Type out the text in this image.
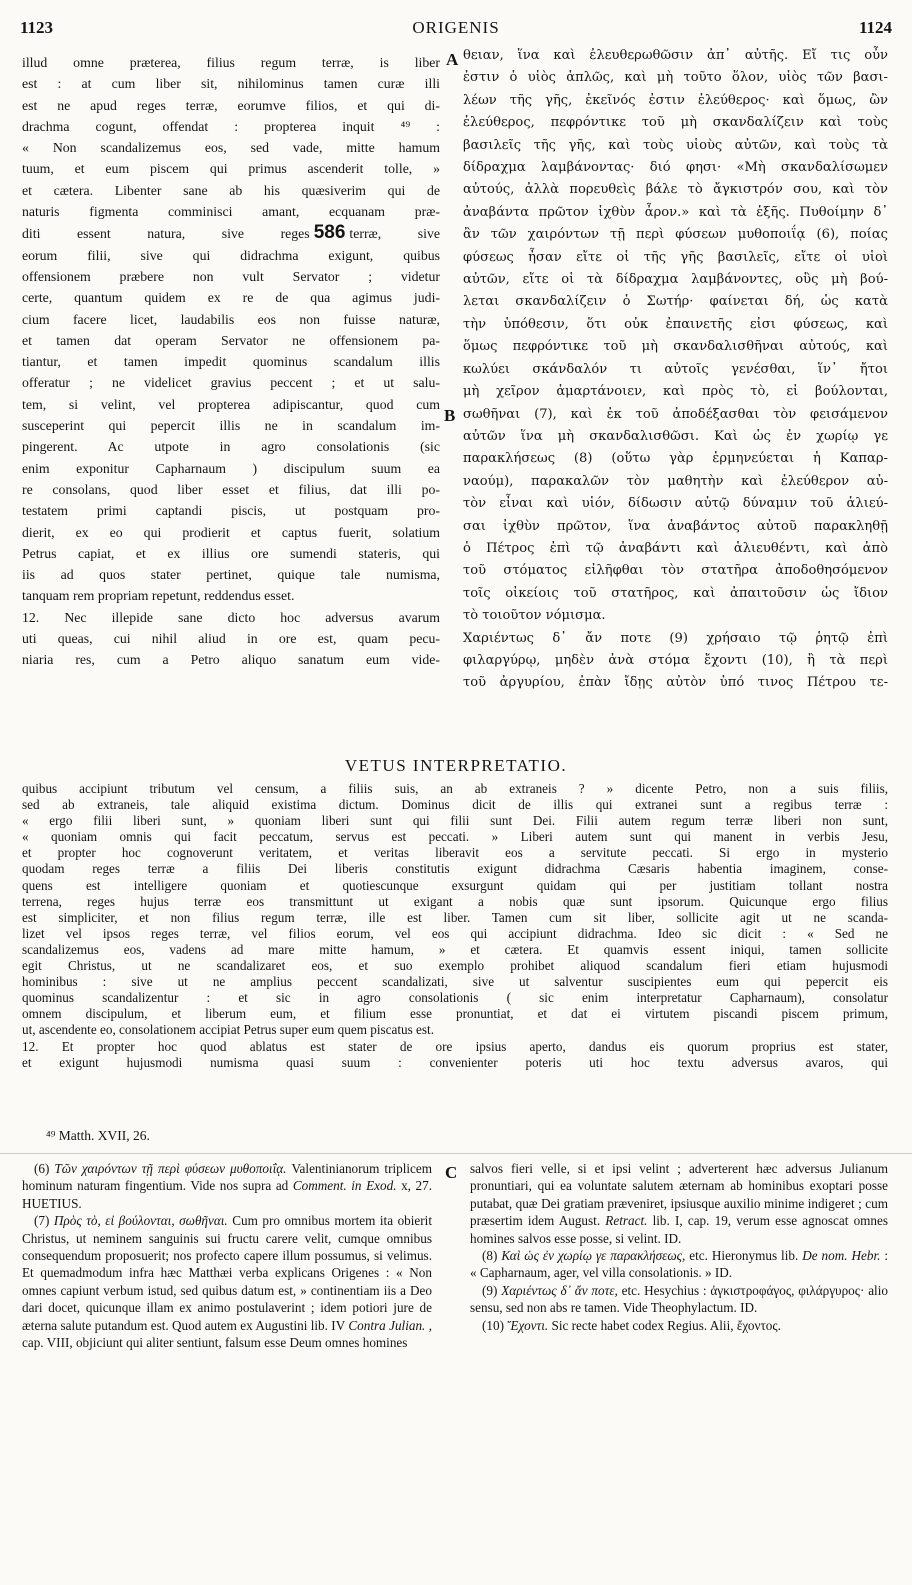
1123	ORIGENIS	1124
A
B
C
illud omne præterea, filius regum terræ, is liber
est : at cum liber sit, nihilominus tamen curæ illi
est ne apud reges terræ, eorumve filios, et qui di-
drachma cogunt, offendat : propterea inquit ⁴⁹ :
« Non scandalizemus eos, sed vade, mitte hamum
tuum, et eum piscem qui primus ascenderit tolle, »
et cætera. Libenter sane ab his quæsiverim qui de
naturis figmenta comminisci amant, ecquanam præ-
diti essent natura, sive reges 586 terræ, sive
eorum filii, sive qui didrachma exigunt, quibus
offensionem præbere non vult Servator ; videtur
certe, quantum quidem ex re de qua agimus judi-
cium facere licet, laudabilis eos non fuisse naturæ,
et tamen dat operam Servator ne offensionem pa-
tiantur, et tamen impedit quominus scandalum illis
offeratur ; ne videlicet gravius peccent ; et ut salu-
tem, si velint, vel propterea adipiscantur, quod cum
susceperint qui pepercit illis ne in scandalum im-
pingerent. Ac utpote in agro consolationis (sic
enim exponitur Capharnaum ) discipulum suum ea
re consolans, quod liber esset et filius, dat illi po-
testatem primi captandi piscis, ut postquam pro-
dierit, ex eo qui prodierit et captus fuerit, solatium
Petrus capiat, et ex illius ore sumendi stateris, qui
iis ad quos stater pertinet, quique tale numisma,
tanquam rem propriam repetunt, reddendus esset.
12. Nec illepide sane dicto hoc adversus avarum
uti queas, cui nihil aliud in ore est, quam pecu-
niaria res, cum a Petro aliquo sanatum eum vide-
θειαν, ἵνα καὶ ἐλευθερωθῶσιν ἀπ᾽ αὐτῆς. Εἴ τις οὖν
ἐστιν ὁ υἱὸς ἁπλῶς, καὶ μὴ τοῦτο ὅλον, υἱὸς τῶν βασι-
λέων τῆς γῆς, ἐκεῖνός ἐστιν ἐλεύθερος· καὶ ὅμως, ὢν
ἐλεύθερος, πεφρόντικε τοῦ μὴ σκανδαλίζειν καὶ τοὺς
βασιλεῖς τῆς γῆς, καὶ τοὺς υἱοὺς αὐτῶν, καὶ τοὺς τὰ
δίδραχμα λαμβάνοντας· διό φησι· «Μὴ σκανδαλίσωμεν
αὐτούς, ἀλλὰ πορευθεὶς βάλε τὸ ἄγκιστρόν σου, καὶ τὸν
ἀναβάντα πρῶτον ἰχθὺν ἆρον.» καὶ τὰ ἑξῆς. Πυθοίμην δ᾽
ἂν τῶν χαιρόντων τῇ περὶ φύσεων μυθοποιΐᾳ (6), ποίας
φύσεως ἦσαν εἴτε οἱ τῆς γῆς βασιλεῖς, εἴτε οἱ υἱοὶ
αὐτῶν, εἴτε οἱ τὰ δίδραχμα λαμβάνοντες, οὓς μὴ βού-
λεται σκανδαλίζειν ὁ Σωτήρ· φαίνεται δή, ὡς κατὰ
τὴν ὑπόθεσιν, ὅτι οὐκ ἐπαινετῆς εἰσι φύσεως, καὶ
ὅμως πεφρόντικε τοῦ μὴ σκανδαλισθῆναι αὐτούς, καὶ
κωλύει σκάνδαλόν τι αὐτοῖς γενέσθαι, ἵν᾽ ἤτοι
μὴ χεῖρον ἁμαρτάνοιεν, καὶ πρὸς τὸ, εἰ βούλονται,
σωθῆναι (7), καὶ ἐκ τοῦ ἀποδέξασθαι τὸν φεισάμενον
αὐτῶν ἵνα μὴ σκανδαλισθῶσι. Καὶ ὡς ἐν χωρίῳ γε
παρακλήσεως (8) (οὕτω γὰρ ἑρμηνεύεται ἡ Καπαρ-
ναούμ), παρακαλῶν τὸν μαθητὴν καὶ ἐλεύθερον αὐ-
τὸν εἶναι καὶ υἱόν, δίδωσιν αὐτῷ δύναμιν τοῦ ἁλιεύ-
σαι ἰχθὺν πρῶτον, ἵνα ἀναβάντος αὐτοῦ παρακληθῇ
ὁ Πέτρος ἐπὶ τῷ ἀναβάντι καὶ ἁλιευθέντι, καὶ ἀπὸ
τοῦ στόματος εἰλῆφθαι τὸν στατῆρα ἀποδοθησόμενον
τοῖς οἰκείοις τοῦ στατῆρος, καὶ ἀπαιτοῦσιν ὡς ἴδιον
τὸ τοιοῦτον νόμισμα.
Χαριέντως δ᾽ ἄν ποτε (9) χρήσαιο τῷ ῥητῷ ἐπὶ
φιλαργύρῳ, μηδὲν ἀνὰ στόμα ἔχοντι (10), ἢ τὰ περὶ
τοῦ ἀργυρίου, ἐπὰν ἴδῃς αὐτὸν ὑπό τινος Πέτρου τε-
VETUS INTERPRETATIO.
quibus accipiunt tributum vel censum, a filiis suis, an ab extraneis ? » dicente Petro, non a suis filiis,
sed ab extraneis, tale aliquid existima dictum. Dominus dicit de illis qui extranei sunt a regibus terræ :
« ergo filii liberi sunt, » quoniam liberi sunt qui filii sunt Dei. Filii autem regum terræ liberi non sunt,
« quoniam omnis qui facit peccatum, servus est peccati. » Liberi autem sunt qui manent in verbis Jesu,
et propter hoc cognoverunt veritatem, et veritas liberavit eos a servitute peccati. Si ergo in mysterio
quodam reges terræ a filiis Dei liberis constitutis exigunt didrachma Cæsaris habentia imaginem, conse-
quens est intelligere quoniam et quotiescunque exsurgunt quidam qui per justitiam tollant nostra
terrena, reges hujus terræ eos transmittunt ut exigant a nobis quæ sunt ipsorum. Quicunque ergo filius
est simpliciter, et non filius regum terræ, ille est liber. Tamen cum sit liber, sollicite agit ut ne scanda-
lizet vel ipsos reges terræ, vel filios eorum, vel eos qui accipiunt didrachma. Ideo sic dicit : « Sed ne
scandalizemus eos, vadens ad mare mitte hamum, » et cætera. Et quamvis essent iniqui, tamen sollicite
egit Christus, ut ne scandalizaret eos, et suo exemplo prohibet aliquod scandalum fieri etiam hujusmodi
hominibus : sive ut ne amplius peccent scandalizati, sive ut salventur suscipientes eum qui pepercit eis
quominus scandalizentur : et sic in agro consolationis ( sic enim interpretatur Capharnaum), consolatur
omnem discipulum, et liberum eum, et filium esse pronuntiat, et dat ei virtutem piscandi piscem primum,
ut, ascendente eo, consolationem accipiat Petrus super eum quem piscatus est.
12. Et propter hoc quod ablatus est stater de ore ipsius aperto, dandus eis quorum proprius est stater,
et exigunt hujusmodi numisma quasi suum : convenienter poteris uti hoc textu adversus avaros, qui
⁴⁹ Matth. XVII, 26.
(6) Τῶν χαιρόντων τῇ περὶ φύσεων μυθοποιΐᾳ. Valentinianorum triplicem hominum naturam fingentium. Vide nos supra ad Comment. in Exod. x, 27. HUETIUS.
(7) Πρὸς τὸ, εἰ βούλονται, σωθῆναι. Cum pro omnibus mortem ita obierit Christus, ut neminem sanguinis sui fructu carere velit, cumque omnibus consequendum proposuerit; nos profecto capere illum possumus, si velimus. Et quemadmodum infra hæc Matthæi verba explicans Origenes : « Non omnes capiunt verbum istud, sed quibus datum est, » continentiam iis a Deo dari docet, quicunque illam ex animo postulaverint ; idem potiori jure de æterna salute putandum est. Quod autem ex Augustini lib. IV Contra Julian. , cap. VIII, objiciunt qui aliter sentiunt, falsum esse Deum omnes homines
salvos fieri velle, si et ipsi velint ; adverterent hæc adversus Julianum pronuntiari, qui ea voluntate salutem æternam ab hominibus exoptari posse putabat, quæ Dei gratiam præveniret, ipsiusque auxilio minime indigeret ; cum præsertim idem August. Retract. lib. I, cap. 19, verum esse agnoscat omnes homines salvos esse posse, si velint. ID.
(8) Καὶ ὡς ἐν χωρίῳ γε παρακλήσεως, etc. Hieronymus lib. De nom. Hebr. : « Capharnaum, ager, vel villa consolationis. » ID.
(9) Χαριέντως δ᾽ ἄν ποτε, etc. Hesychius : ἀγκιστροφάγος, φιλάργυρος· alio sensu, sed non abs re tamen. Vide Theophylactum. ID.
(10) Ἔχοντι. Sic recte habet codex Regius. Alii, ἔχοντος.
